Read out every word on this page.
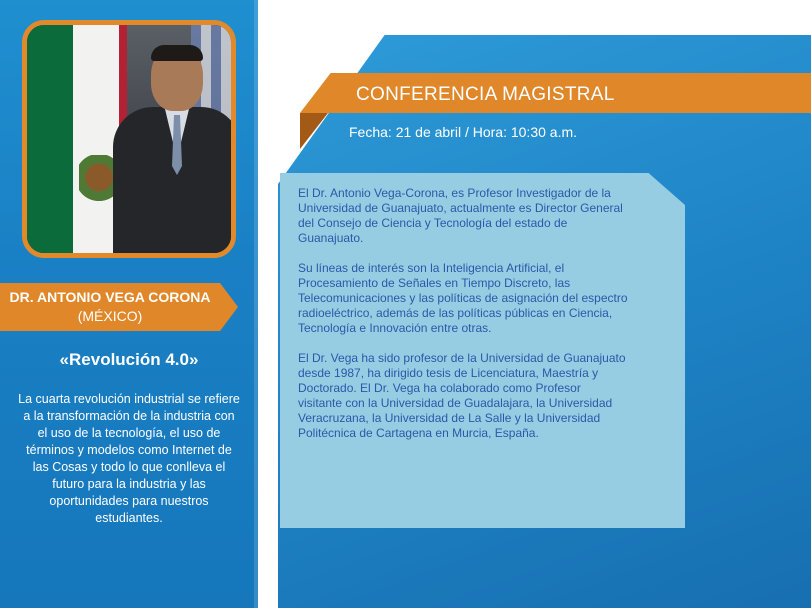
DR. ANTONIO VEGA CORONA (MÉXICO)
«Revolución 4.0»
La cuarta revolución industrial se refiere a la transformación de la industria con el uso de la tecnología, el uso de términos y modelos como Internet de las Cosas y todo lo que conlleva el futuro para la industria y las oportunidades para nuestros estudiantes.
CONFERENCIA MAGISTRAL
Fecha: 21 de abril / Hora: 10:30 a.m.

El Dr. Antonio Vega-Corona, es Profesor Investigador de la Universidad de Guanajuato, actualmente es Director General del Consejo de Ciencia y Tecnología del estado de Guanajuato.

Su líneas de interés son la Inteligencia Artificial, el Procesamiento de Señales en Tiempo Discreto, las Telecomunicaciones y las políticas de asignación del espectro radioeléctrico, además de las políticas públicas en Ciencia, Tecnología e Innovación entre otras.

El Dr. Vega ha sido profesor de la Universidad de Guanajuato desde 1987, ha dirigido tesis de Licenciatura, Maestría y Doctorado. El Dr. Vega ha colaborado como Profesor visitante con la Universidad de Guadalajara, la Universidad Veracruzana, la Universidad de La Salle y la Universidad Politécnica de Cartagena en Murcia, España.
